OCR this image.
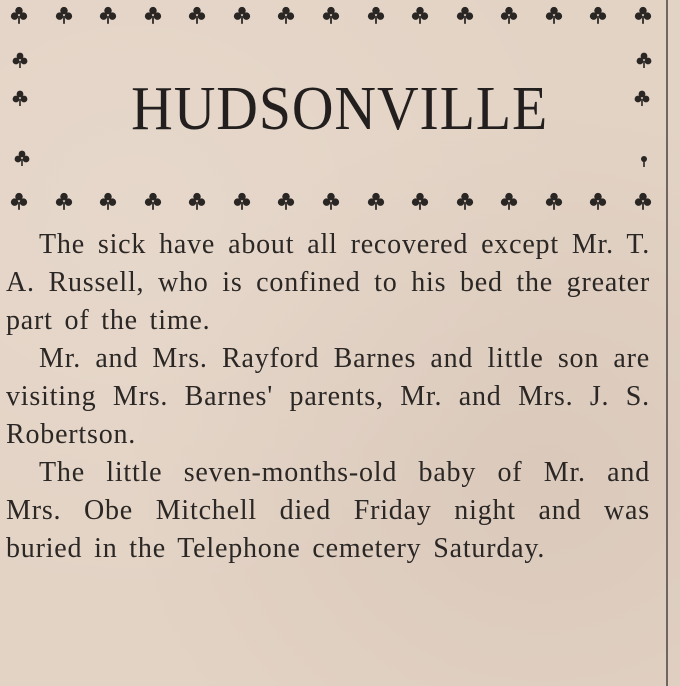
HUDSONVILLE

The sick have about all recovered except Mr. T. A. Russell, who is confined to his bed the greater part of the time.

Mr. and Mrs. Rayford Barnes and little son are visiting Mrs. Barnes' parents, Mr. and Mrs. J. S. Robertson.

The little seven-months-old baby of Mr. and Mrs. Obe Mitchell died Friday night and was buried in the Telephone cemetery Saturday.
